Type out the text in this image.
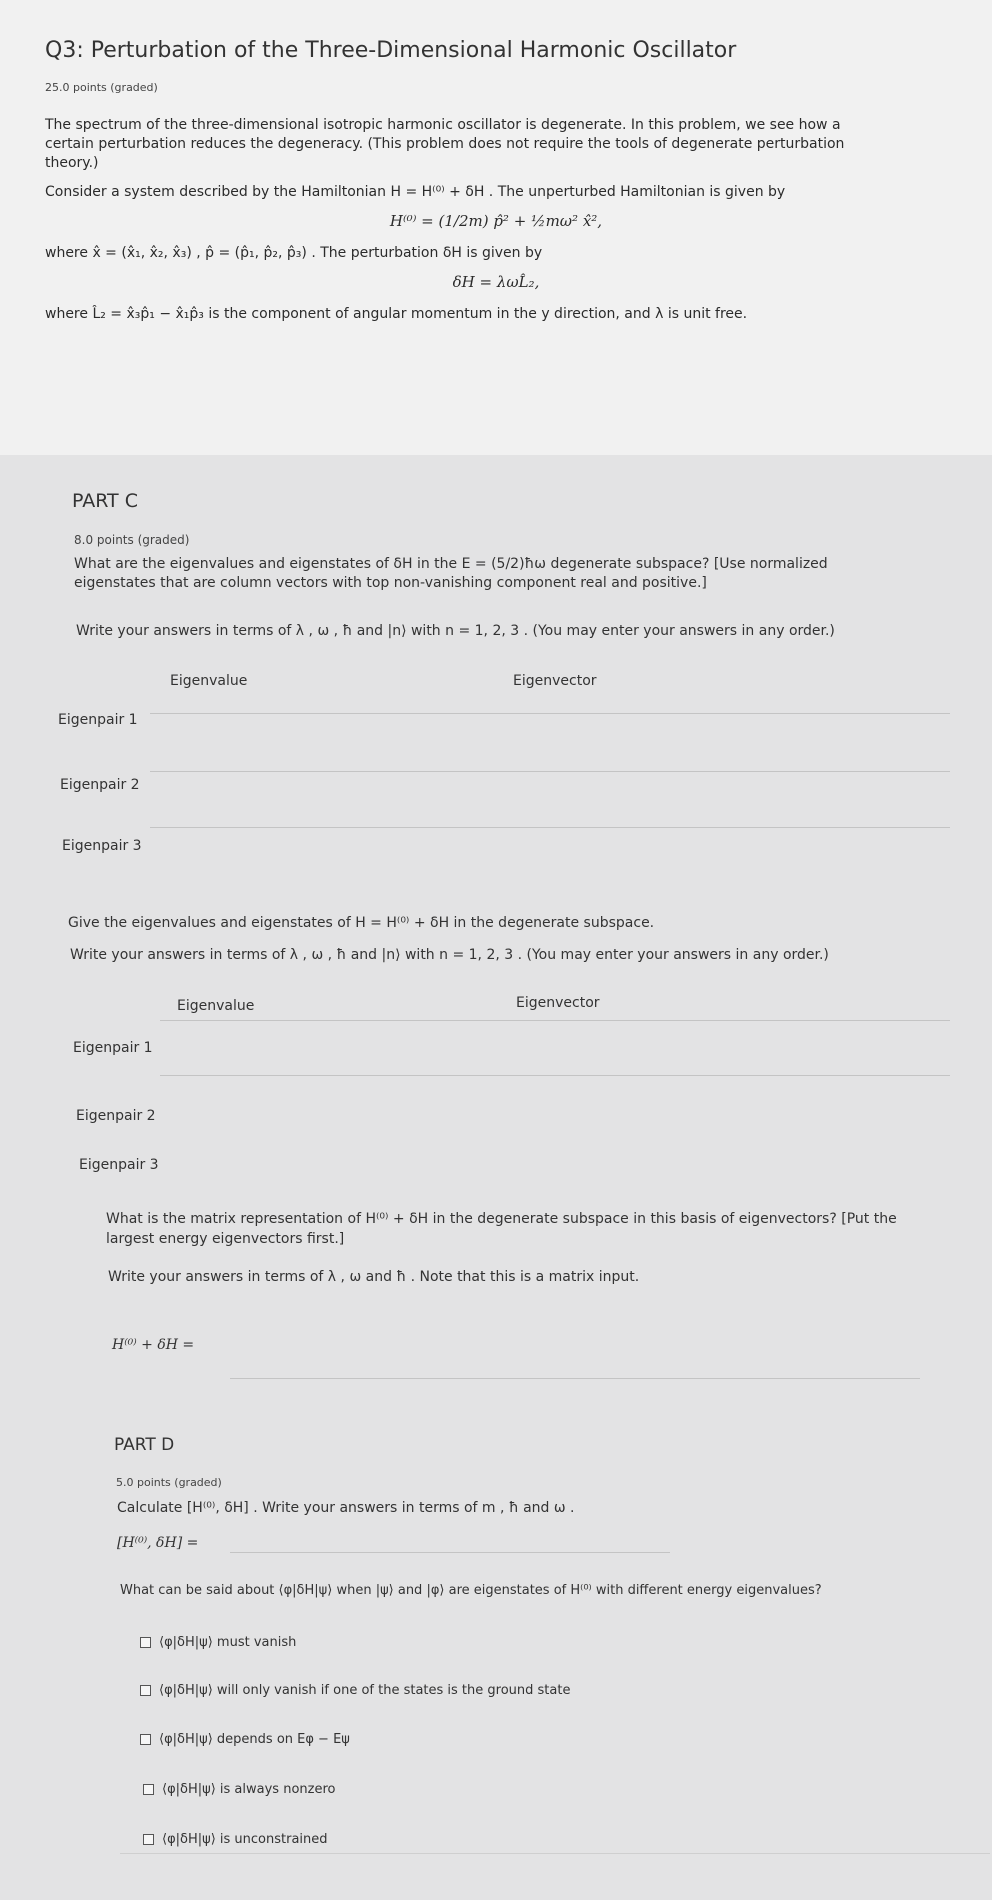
Q3: Perturbation of the Three-Dimensional Harmonic Oscillator
25.0 points (graded)

The spectrum of the three-dimensional isotropic harmonic oscillator is degenerate. In this problem, we see how a certain perturbation reduces the degeneracy. (This problem does not require the tools of degenerate perturbation theory.)

Consider a system described by the Hamiltonian H = H⁽⁰⁾ + δH . The unperturbed Hamiltonian is given by

H⁽⁰⁾ = (1/2m) p̂² + ½mω² x̂²,

where x̂ = (x̂₁, x̂₂, x̂₃) , p̂ = (p̂₁, p̂₂, p̂₃) . The perturbation δH is given by

δH = λωL̂₂,

where L̂₂ = x̂₃p̂₁ − x̂₁p̂₃ is the component of angular momentum in the y direction, and λ is unit free.

PART C
8.0 points (graded)
What are the eigenvalues and eigenstates of δH in the E = (5/2)ħω degenerate subspace? [Use normalized eigenstates that are column vectors with top non-vanishing component real and positive.]
Write your answers in terms of λ , ω , ħ and |n⟩ with n = 1, 2, 3 . (You may enter your answers in any order.)
Eigenvalue	Eigenvector
Eigenpair 1
Eigenpair 2
Eigenpair 3
Give the eigenvalues and eigenstates of H = H⁽⁰⁾ + δH in the degenerate subspace.
Write your answers in terms of λ , ω , ħ and |n⟩ with n = 1, 2, 3 . (You may enter your answers in any order.)
Eigenvalue	Eigenvector
Eigenpair 1
Eigenpair 2
Eigenpair 3
What is the matrix representation of H⁽⁰⁾ + δH in the degenerate subspace in this basis of eigenvectors? [Put the largest energy eigenvectors first.]
Write your answers in terms of λ , ω and ħ . Note that this is a matrix input.
H⁽⁰⁾ + δH =
PART D
5.0 points (graded)
Calculate [H⁽⁰⁾, δH] . Write your answers in terms of m , ħ and ω .
[H⁽⁰⁾, δH] =
What can be said about ⟨φ|δH|ψ⟩ when |ψ⟩ and |φ⟩ are eigenstates of H⁽⁰⁾ with different energy eigenvalues?
⟨φ|δH|ψ⟩ must vanish
⟨φ|δH|ψ⟩ will only vanish if one of the states is the ground state
⟨φ|δH|ψ⟩ depends on Eφ − Eψ
⟨φ|δH|ψ⟩ is always nonzero
⟨φ|δH|ψ⟩ is unconstrained
